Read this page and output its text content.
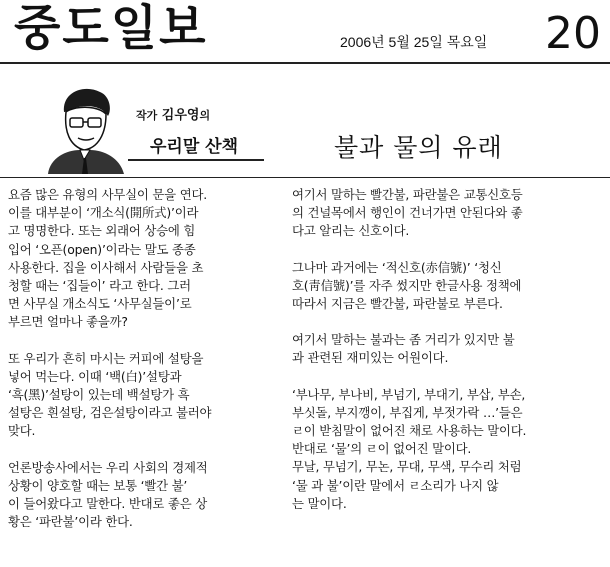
중도일보	2006년 5월 25일 목요일 20
작가 김우영의
우리말 산책	불과 물의 유래

요즘 많은 유형의 사무실이 문을 연다.
이를 대부분이 ‘개소식(開所式)’이라
고 명명한다. 또는 외래어 상승에 힘
입어 ‘오픈(open)’이라는 말도 종종
사용한다. 집을 이사해서 사람들을 초
청할 때는 ‘집들이’ 라고 한다. 그러
면 사무실 개소식도 ‘사무실들이’로
부르면 얼마나 좋을까?

또 우리가 흔히 마시는 커피에 설탕을
넣어 먹는다. 이때 ‘백(白)’설탕과
‘흑(黑)’설탕이 있는데 백설탕가 흑
설탕은 흰설탕, 검은설탕이라고 불러야
맞다.

언론방송사에서는 우리 사회의 경제적
상황이 양호할 때는 보통 ‘빨간 불’
이 들어왔다고 말한다. 반대로 좋은 상
황은 ‘파란불’이라 한다.

여기서 말하는 빨간불, 파란불은 교통신호등
의 건널목에서 행인이 건너가면 안된다와 좋
다고 알리는 신호이다.

그나마 과거에는 ‘적신호(赤信號)’ ‘청신
호(靑信號)’를 자주 썼지만 한글사용 정책에
따라서 지금은 빨간불, 파란불로 부른다.

여기서 말하는 불과는 좀 거리가 있지만 불
과 관련된 재미있는 어원이다.

‘부나무, 부나비, 부넘기, 부대기, 부삽, 부손,
부싯돌, 부지깽이, 부집게, 부젓가락 …’들은
ㄹ이 받침말이 없어진 채로 사용하는 말이다.
반대로 ‘물’의 ㄹ이 없어진 말이다.
무날, 무넘기, 무논, 무대, 무색, 무수리 처럼
‘물 과 불’이란 말에서 ㄹ소리가 나지 않
는 말이다.
